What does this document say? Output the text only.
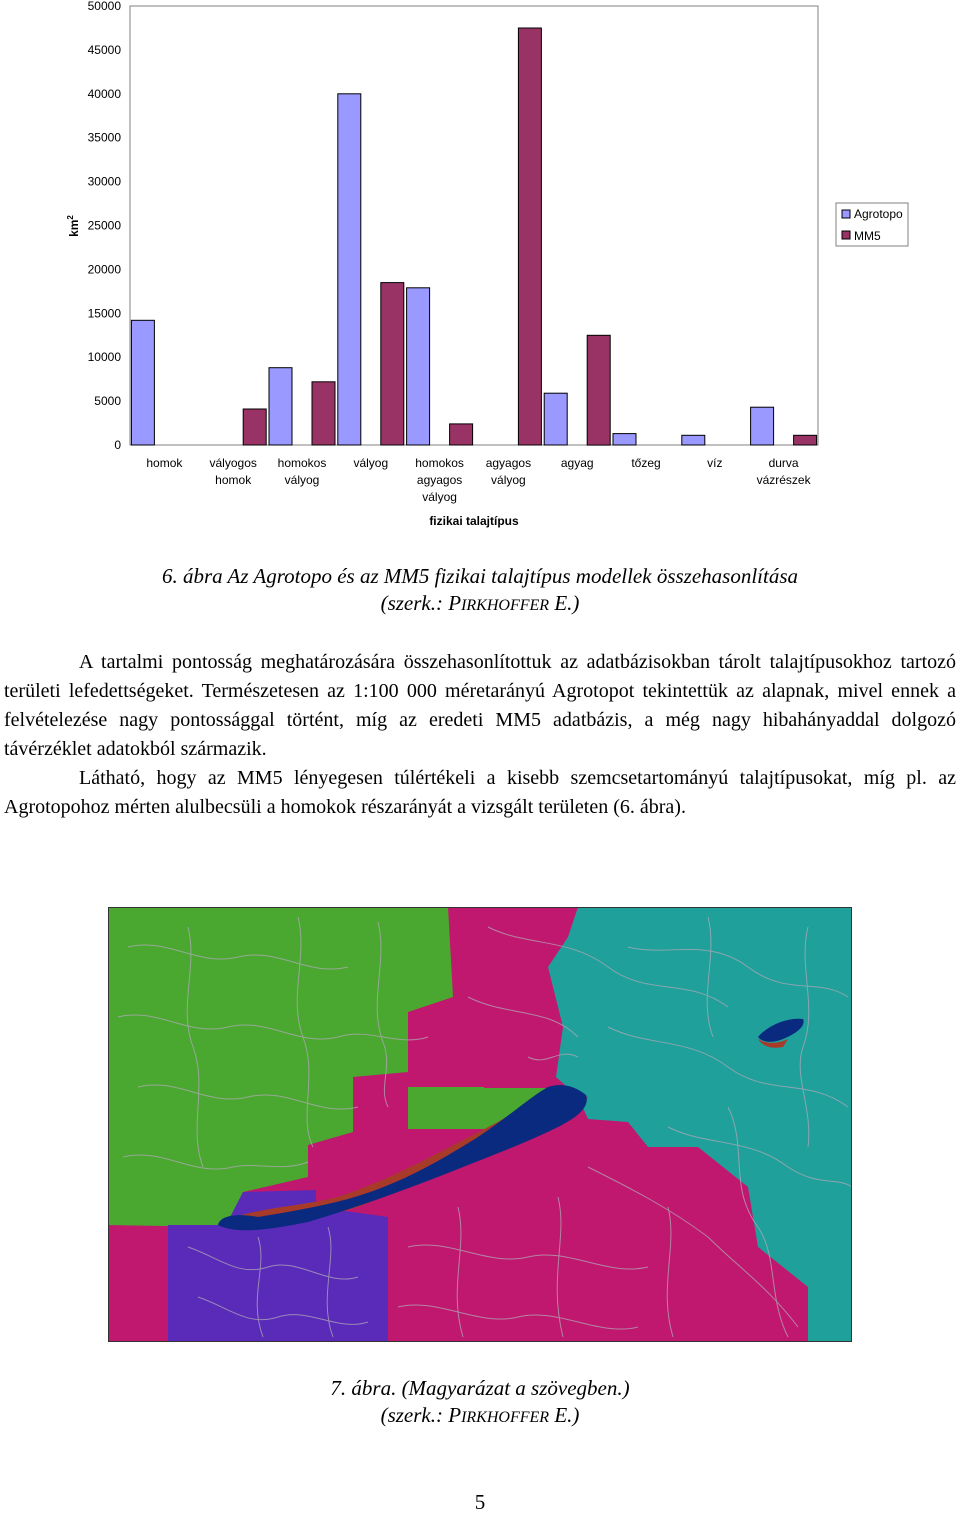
0
5000
10000
15000
20000
25000
30000
35000
40000
45000
50000
homok vályogos homok
homokos vályog
vályog homokos agyagos vályog
agyagos vályog
agyag	tőzeg	víz	durva vázrészek
$km^2$
fizikai talajtípus
Agrotopo
MM5
6. ábra Az Agrotopo és az MM5 fizikai talajtípus modellek összehasonlítása
(szerk.: PIRKHOFFER E.)

A tartalmi pontosság meghatározására összehasonlítottuk az adatbázisokban tárolt talajtípusokhoz tartozó területi lefedettségeket. Természetesen az 1:100 000 méretarányú Agrotopot tekintettük az alapnak, mivel ennek a felvételezése nagy pontossággal történt, míg az eredeti MM5 adatbázis, a még nagy hibahányaddal dolgozó távérzéklet adatokból származik.

Látható, hogy az MM5 lényegesen túlértékeli a kisebb szemcsetartományú talajtípusokat, míg pl. az Agrotopohoz mérten alulbecsüli a homokok részarányát a vizsgált területen (6. ábra).

7. ábra. (Magyarázat a szövegben.)
(szerk.: PIRKHOFFER E.)
5
